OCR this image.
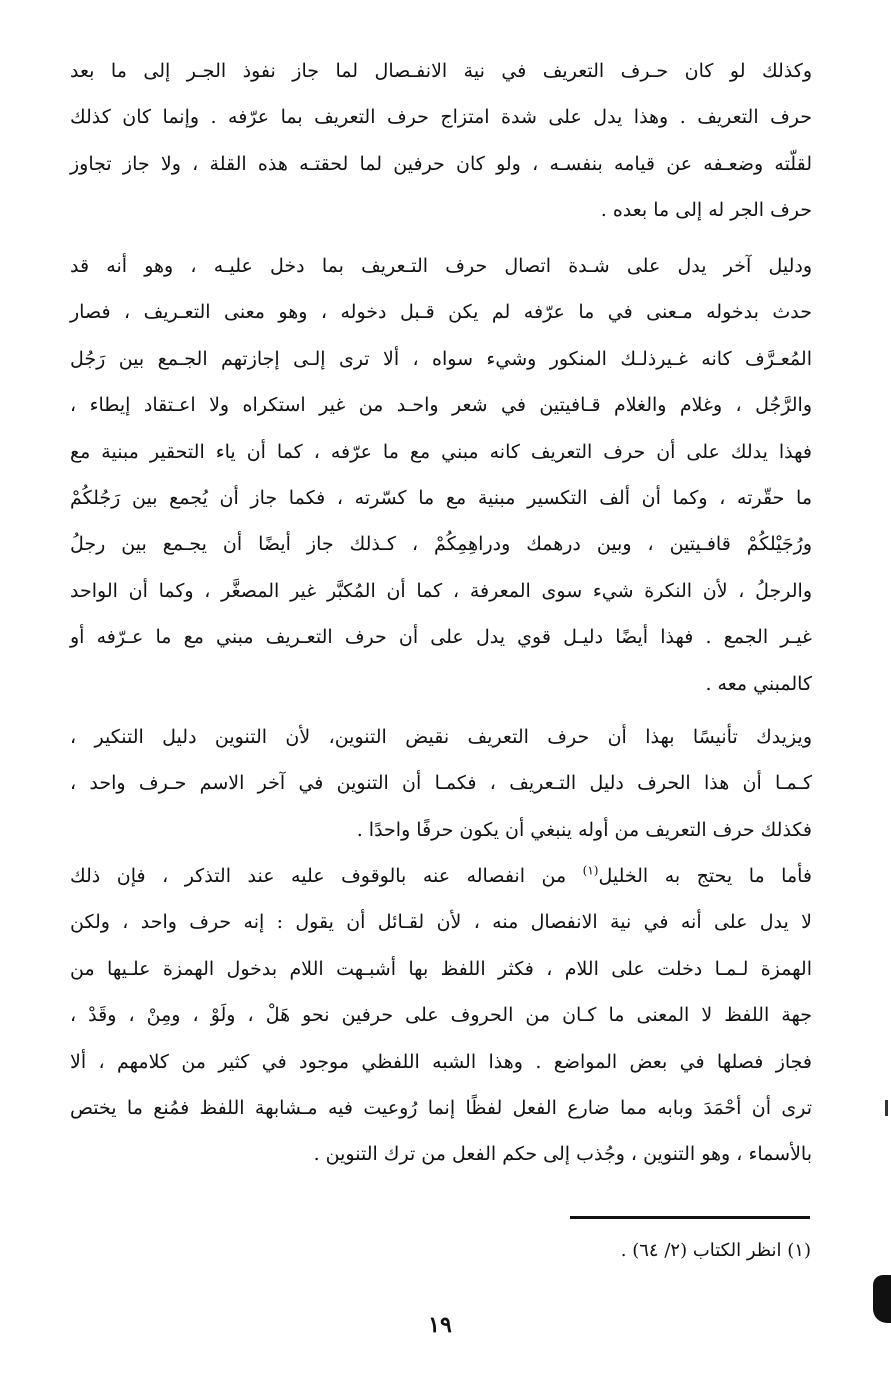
وكذلك لو كان حـرف التعريف في نية الانفـصال لما جاز نفوذ الجـر إلى ما بعد
حرف التعريف . وهذا يدل على شدة امتزاج حرف التعريف بما عرّفه . وإنما كان كذلك
لقلّته وضعـفه عن قيامه بنفسـه ، ولو كان حرفين لما لحقتـه هذه القلة ، ولا جاز تجاوز
حرف الجر له إلى ما بعده .
ودليل آخر يدل على شـدة اتصال حرف التـعريف بما دخل عليـه ، وهو أنه قد
حدث بدخوله مـعنى في ما عرّفه لم يكن قـبل دخوله ، وهو معنى التعـريف ، فصار
المُعـرَّف كانه غـيرذلـك المنكور وشيء سواه ، ألا ترى إلـى إجازتهم الجـمع بين رَجُل
والرَّجُل ، وغلام والغلام قـافيتين في شعر واحـد من غير استكراه ولا اعـتقاد إيطاء ،
فهذا يدلك على أن حرف التعريف كانه مبني مع ما عرّفه ، كما أن ياء التحقير مبنية مع
ما حقّرته ، وكما أن ألف التكسير مبنية مع ما كسّرته ، فكما جاز أن يُجمع بين رَجُلكُمْ
ورُجَيْلكُمْ قافـيتين ، وبين درهمك ودراهِمِكُمْ ، كـذلك جاز أيضًا أن يجـمع بين رجلُ
والرجلُ ، لأن النكرة شيء سوى المعرفة ، كما أن المُكبَّر غير المصغَّر ، وكما أن الواحد
غيـر الجمع . فهذا أيضًا دليـل قوي يدل على أن حرف التعـريف مبني مع ما عـرّفه أو
كالمبني معه .
ويزيدك تأنيسًا بهذا أن حرف التعريف نقيض التنوين، لأن التنوين دليل التنكير ،
كـمـا أن هذا الحرف دليل التـعريف ، فكمـا أن التنوين في آخر الاسم حـرف واحد ،
فكذلك حرف التعريف من أوله ينبغي أن يكون حرفًا واحدًا .
فأما ما يحتج به الخليل$^{(١)}$ من انفصاله عنه بالوقوف عليه عند التذكر ، فإن ذلك
لا يدل على أنه في نية الانفصال منه ، لأن لقـائل أن يقول : إنه حرف واحد ، ولكن
الهمزة لـمـا دخلت على اللام ، فكثر اللفظ بها أشبـهت اللام بدخول الهمزة علـيها من
جهة اللفظ لا المعنى ما كـان من الحروف على حرفين نحو هَلْ ، ولَوْ ، ومِنْ ، وقَدْ ،
فجاز فصلها في بعض المواضع . وهذا الشبه اللفظي موجود في كثير من كلامهم ، ألا
ترى أن أحْمَدَ وبابه مما ضارع الفعل لفظًا إنما رُوعيت فيه مـشابهة اللفظ فمُنع ما يختص
بالأسماء ، وهو التنوين ، وجُذب إلى حكم الفعل من ترك التنوين .
(١) انظر الكتاب (٢/ ٦٤) .
١٩
